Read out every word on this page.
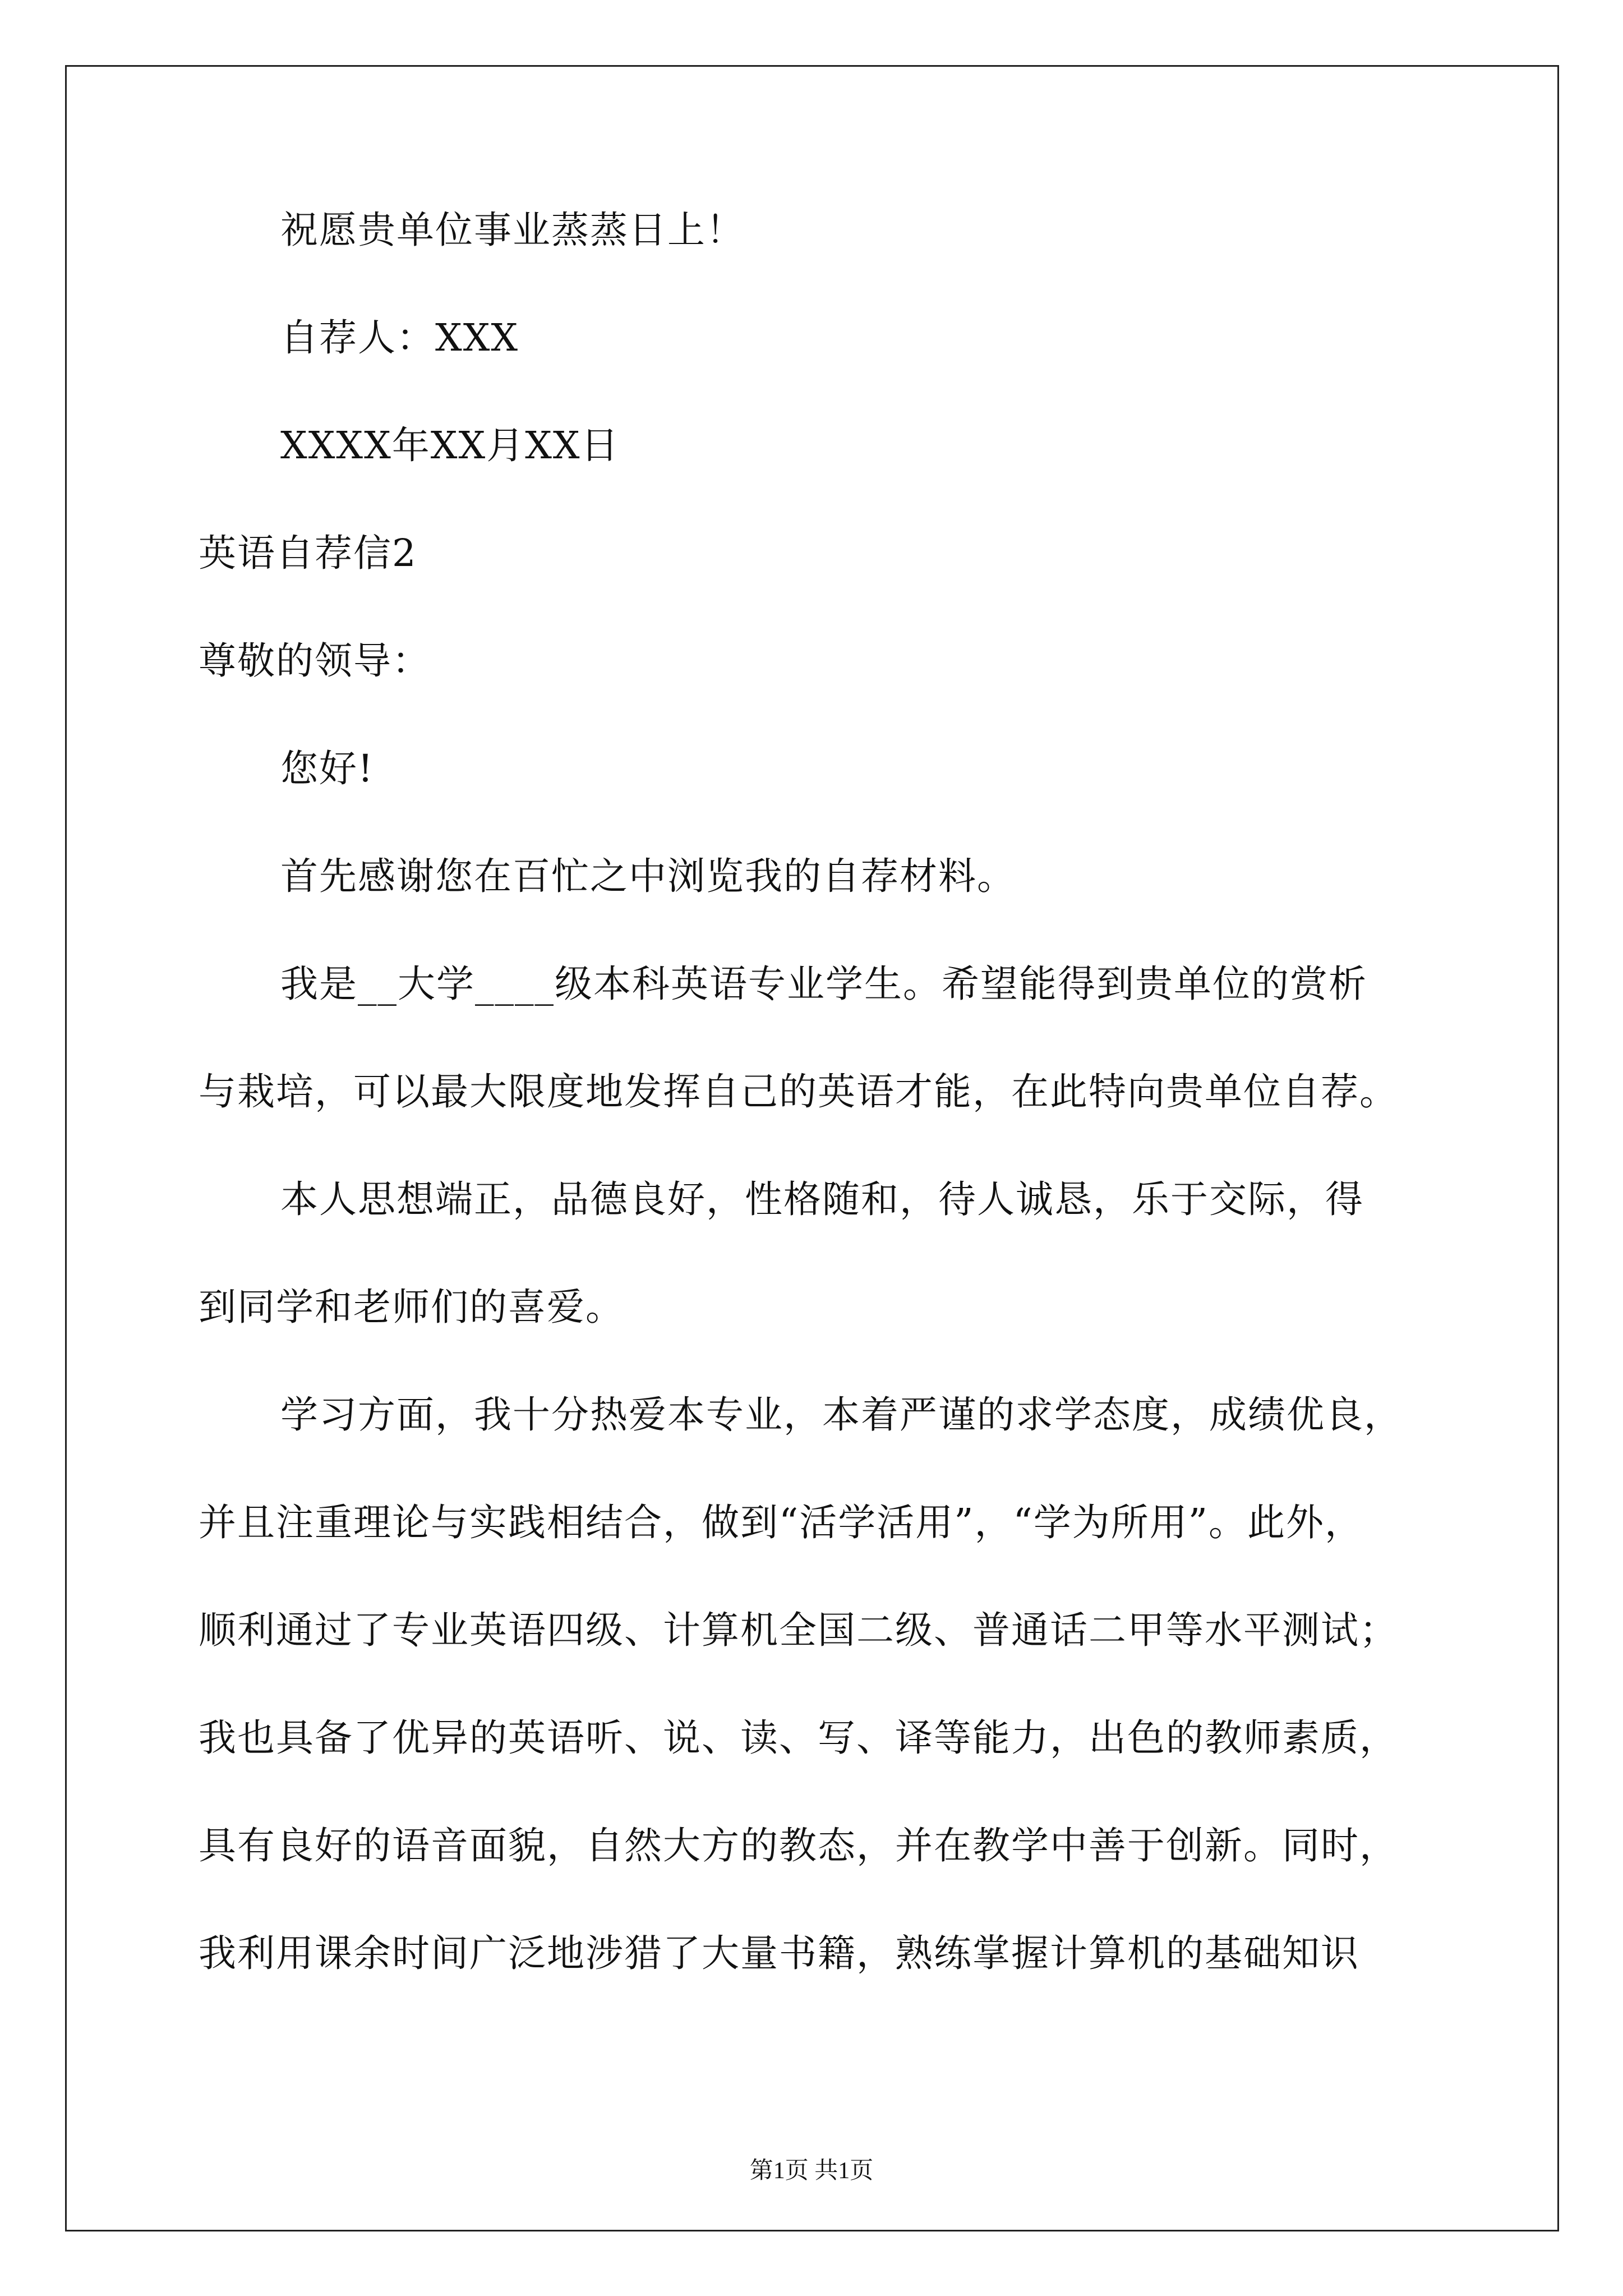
祝愿贵单位事业蒸蒸日上！
自荐人：XXX
XXXX年XX月XX日
英语自荐信2
尊敬的领导：
您好!
首先感谢您在百忙之中浏览我的自荐材料。
我是__大学____级本科英语专业学生。希望能得到贵单位的赏析
与栽培，可以最大限度地发挥自己的英语才能，在此特向贵单位自荐。
本人思想端正，品德良好，性格随和，待人诚恳，乐于交际，得
到同学和老师们的喜爱。
学习方面，我十分热爱本专业，本着严谨的求学态度，成绩优良，
并且注重理论与实践相结合，做到“活学活用”，“学为所用”。此外，
顺利通过了专业英语四级、计算机全国二级、普通话二甲等水平测试；
我也具备了优异的英语听、说、读、写、译等能力，出色的教师素质，
具有良好的语音面貌，自然大方的教态，并在教学中善于创新。同时，
我利用课余时间广泛地涉猎了大量书籍，熟练掌握计算机的基础知识
第1页 共1页
